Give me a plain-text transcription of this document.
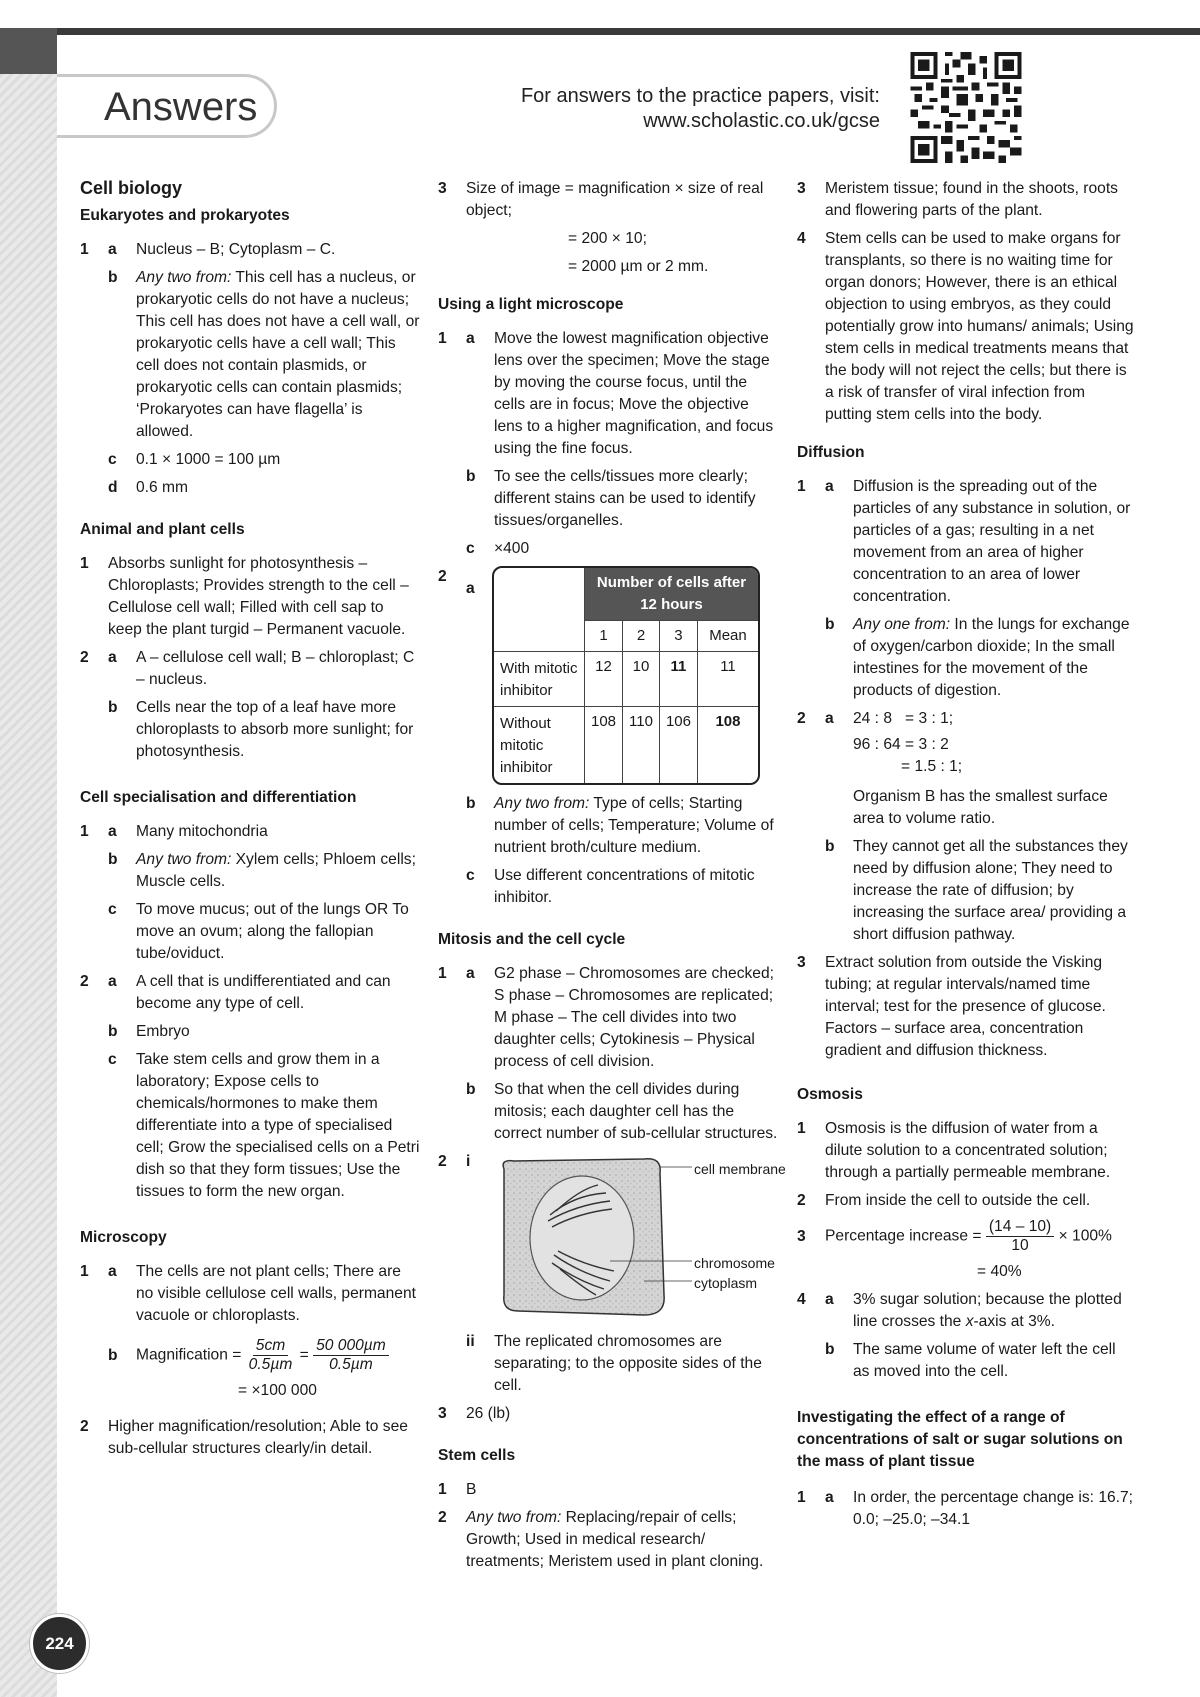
224
Answers	For answers to the practice papers, visit:
www.scholastic.co.uk/gcse
Cell biology
Eukaryotes and prokaryotes
1	a	Nucleus – B; Cytoplasm – C.
b	Any two from: This cell has a nucleus, or prokaryotic cells do not have a nucleus; This cell has does not have a cell wall, or prokaryotic cells have a cell wall; This cell does not contain plasmids, or prokaryotic cells can contain plasmids; ‘Prokaryotes can have flagella’ is allowed.
c	0.1 × 1000 = 100 µm
d	0.6 mm
Animal and plant cells
1	Absorbs sunlight for photosynthesis – Chloroplasts; Provides strength to the cell – Cellulose cell wall; Filled with cell sap to keep the plant turgid – Permanent vacuole.
2	a	A – cellulose cell wall; B – chloroplast; C – nucleus.
b	Cells near the top of a leaf have more chloroplasts to absorb more sunlight; for photosynthesis.
Cell specialisation and differentiation
1	a	Many mitochondria
b	Any two from: Xylem cells; Phloem cells; Muscle cells.
c	To move mucus; out of the lungs OR To move an ovum; along the fallopian tube/oviduct.
2	a	A cell that is undifferentiated and can become any type of cell.
b	Embryo
c	Take stem cells and grow them in a laboratory; Expose cells to chemicals/hormones to make them differentiate into a type of specialised cell; Grow the specialised cells on a Petri dish so that they form tissues; Use the tissues to form the new organ.
Microscopy
1	a	The cells are not plant cells; There are no visible cellulose cell walls, permanent vacuole or chloroplasts.
b	Magnification = $\frac{5cm}{\text{0.5µm}} = \frac{\text{50 000µm}}{\text{0.5µm}}$
= ×100 000
2	Higher magnification/resolution; Able to see sub-cellular structures clearly/in detail.
3	Size of image = magnification × size of real object;
= 200 × 10;
= 2000 µm or 2 mm.
Using a light microscope
1	a	Move the lowest magnification objective lens over the specimen; Move the stage by moving the course focus, until the cells are in focus; Move the objective lens to a higher magnification, and focus using the fine focus.
b	To see the cells/tissues more clearly; different stains can be used to identify tissues/organelles.
c	×400
2
a

	Number of cells after 12 hours			

	1	2	3	Mean
With mitotic inhibitor	12	10	11	11
Without mitotic inhibitor	108	110	106	108
b	Any two from: Type of cells; Starting number of cells; Temperature; Volume of nutrient broth/culture medium.
c	Use different concentrations of mitotic inhibitor.
Mitosis and the cell cycle
1	a	G2 phase – Chromosomes are checked; S phase – Chromosomes are replicated; M phase – The cell divides into two daughter cells; Cytokinesis – Physical process of cell division.
b	So that when the cell divides during mitosis; each daughter cell has the correct number of sub-cellular structures.
2	i	cell membrane
chromosome
cytoplasm
ii	The replicated chromosomes are separating; to the opposite sides of the cell.
3	26 (lb)
Stem cells
1	B
2	Any two from: Replacing/repair of cells; Growth; Used in medical research/ treatments; Meristem used in plant cloning.
3	Meristem tissue; found in the shoots, roots and flowering parts of the plant.
4	Stem cells can be used to make organs for transplants, so there is no waiting time for organ donors; However, there is an ethical objection to using embryos, as they could potentially grow into humans/ animals; Using stem cells in medical treatments means that the body will not reject the cells; but there is a risk of transfer of viral infection from putting stem cells into the body.
Diffusion
1	a	Diffusion is the spreading out of the particles of any substance in solution, or particles of a gas; resulting in a net movement from an area of higher concentration to an area of lower concentration.
b	Any one from: In the lungs for exchange of oxygen/carbon dioxide; In the small intestines for the movement of the products of digestion.
2	a	24 : 8   = 3 : 1;
96 : 64 = 3 : 2
= 1.5 : 1;
Organism B has the smallest surface area to volume ratio.
b	They cannot get all the substances they need by diffusion alone; They need to increase the rate of diffusion; by increasing the surface area/ providing a short diffusion pathway.
3	Extract solution from outside the Visking tubing; at regular intervals/named time interval; test for the presence of glucose. Factors – surface area, concentration gradient and diffusion thickness.
Osmosis
1	Osmosis is the diffusion of water from a dilute solution to a concentrated solution; through a partially permeable membrane.
2	From inside the cell to outside the cell.
3	Percentage increase = $\frac{(14 - 10)}{10} \times 100\%$
= 40%
4	a	3% sugar solution; because the plotted line crosses the x-axis at 3%.
b	The same volume of water left the cell as moved into the cell.
Investigating the effect of a range of concentrations of salt or sugar solutions on the mass of plant tissue
1	a	In order, the percentage change is: 16.7; 0.0; –25.0; –34.1
